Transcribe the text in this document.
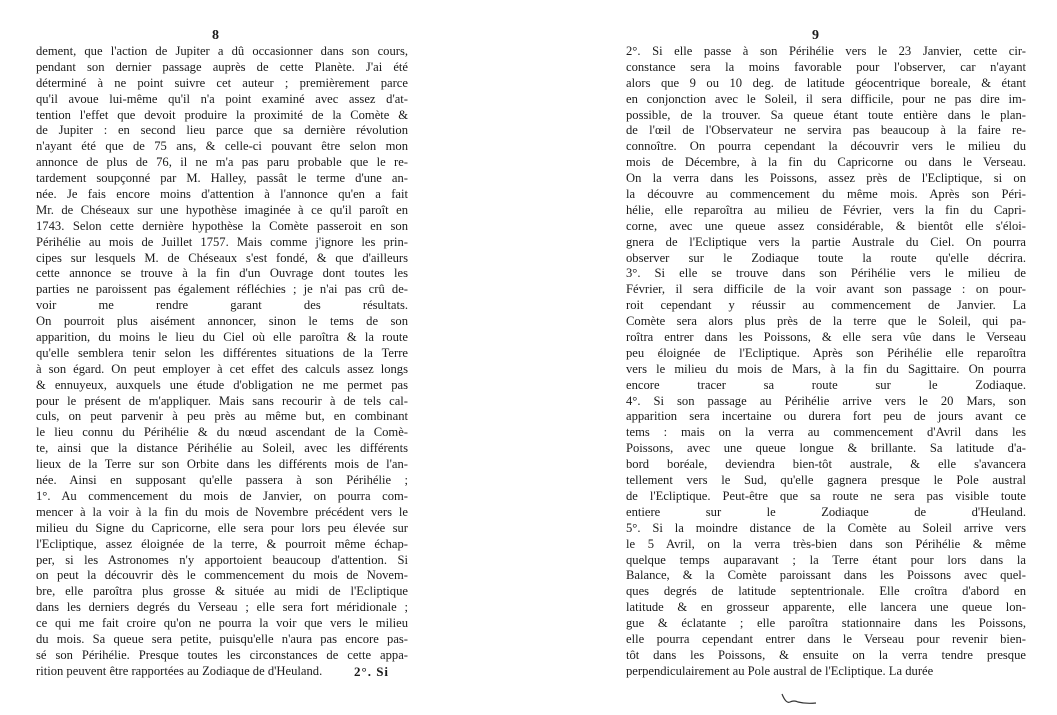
8
dement, que l'action de Jupiter a dû occasionner dans son cours,
pendant son dernier passage auprès de cette Planète. J'ai été
déterminé à ne point suivre cet auteur ; premièrement parce
qu'il avoue lui-même qu'il n'a point examiné avec assez d'at-
tention l'effet que devoit produire la proximité de la Comète &
de Jupiter : en second lieu parce que sa dernière révolution
n'ayant été que de 75 ans, & celle-ci pouvant être selon mon
annonce de plus de 76, il ne m'a pas paru probable que le re-
tardement soupçonné par M. Halley, passât le terme d'une an-
née. Je fais encore moins d'attention à l'annonce qu'en a fait
Mr. de Chéseaux sur une hypothèse imaginée à ce qu'il paroît en
1743. Selon cette dernière hypothèse la Comète passeroit en son
Périhélie au mois de Juillet 1757. Mais comme j'ignore les prin-
cipes sur lesquels M. de Chéseaux s'est fondé, & que d'ailleurs
cette annonce se trouve à la fin d'un Ouvrage dont toutes les
parties ne paroissent pas également réfléchies ; je n'ai pas crû de-
voir me rendre garant des résultats.
On pourroit plus aisément annoncer, sinon le tems de son
apparition, du moins le lieu du Ciel où elle paroîtra & la route
qu'elle semblera tenir selon les différentes situations de la Terre
à son égard. On peut employer à cet effet des calculs assez longs
& ennuyeux, auxquels une étude d'obligation ne me permet pas
pour le présent de m'appliquer. Mais sans recourir à de tels cal-
culs, on peut parvenir à peu près au même but, en combinant
le lieu connu du Périhélie & du nœud ascendant de la Comè-
te, ainsi que la distance Périhélie au Soleil, avec les différents
lieux de la Terre sur son Orbite dans les différents mois de l'an-
née. Ainsi en supposant qu'elle passera à son Périhélie ;
1°. Au commencement du mois de Janvier, on pourra com-
mencer à la voir à la fin du mois de Novembre précédent vers le
milieu du Signe du Capricorne, elle sera pour lors peu élevée sur
l'Ecliptique, assez éloignée de la terre, & pourroit même échap-
per, si les Astronomes n'y apportoient beaucoup d'attention. Si
on peut la découvrir dès le commencement du mois de Novem-
bre, elle paroîtra plus grosse & située au midi de l'Ecliptique
dans les derniers degrés du Verseau ; elle sera fort méridionale ;
ce qui me fait croire qu'on ne pourra la voir que vers le milieu
du mois. Sa queue sera petite, puisqu'elle n'aura pas encore pas-
sé son Périhélie. Presque toutes les circonstances de cette appa-
rition peuvent être rapportées au Zodiaque de d'Heuland.	2°. Si
9
2°. Si elle passe à son Périhélie vers le 23 Janvier, cette cir-
constance sera la moins favorable pour l'observer, car n'ayant
alors que 9 ou 10 deg. de latitude géocentrique boreale, & étant
en conjonction avec le Soleil, il sera difficile, pour ne pas dire im-
possible, de la trouver. Sa queue étant toute entière dans le plan-
de l'œil de l'Observateur ne servira pas beaucoup à la faire re-
connoître. On pourra cependant la découvrir vers le milieu du
mois de Décembre, à la fin du Capricorne ou dans le Verseau.
On la verra dans les Poissons, assez près de l'Ecliptique, si on
la découvre au commencement du même mois. Après son Péri-
hélie, elle reparoîtra au milieu de Février, vers la fin du Capri-
corne, avec une queue assez considérable, & bientôt elle s'éloi-
gnera de l'Ecliptique vers la partie Australe du Ciel. On pourra
observer sur le Zodiaque toute la route qu'elle décrira.
3°. Si elle se trouve dans son Périhélie vers le milieu de
Février, il sera difficile de la voir avant son passage : on pour-
roit cependant y réussir au commencement de Janvier. La
Comète sera alors plus près de la terre que le Soleil, qui pa-
roîtra entrer dans les Poissons, & elle sera vûe dans le Verseau
peu éloignée de l'Ecliptique. Après son Périhélie elle reparoîtra
vers le milieu du mois de Mars, à la fin du Sagittaire. On pourra
encore tracer sa route sur le Zodiaque.
4°. Si son passage au Périhélie arrive vers le 20 Mars, son
apparition sera incertaine ou durera fort peu de jours avant ce
tems : mais on la verra au commencement d'Avril dans les
Poissons, avec une queue longue & brillante. Sa latitude d'a-
bord boréale, deviendra bien-tôt australe, & elle s'avancera
tellement vers le Sud, qu'elle gagnera presque le Pole austral
de l'Ecliptique. Peut-être que sa route ne sera pas visible toute
entiere sur le Zodiaque de d'Heuland.
5°. Si la moindre distance de la Comète au Soleil arrive vers
le 5 Avril, on la verra très-bien dans son Périhélie & même
quelque temps auparavant ; la Terre étant pour lors dans la
Balance, & la Comète paroissant dans les Poissons avec quel-
ques degrés de latitude septentrionale. Elle croîtra d'abord en
latitude & en grosseur apparente, elle lancera une queue lon-
gue & éclatante ; elle paroîtra stationnaire dans les Poissons,
elle pourra cependant entrer dans le Verseau pour revenir bien-
tôt dans les Poissons, & ensuite on la verra tendre presque
perpendiculairement au Pole austral de l'Ecliptique. La durée
